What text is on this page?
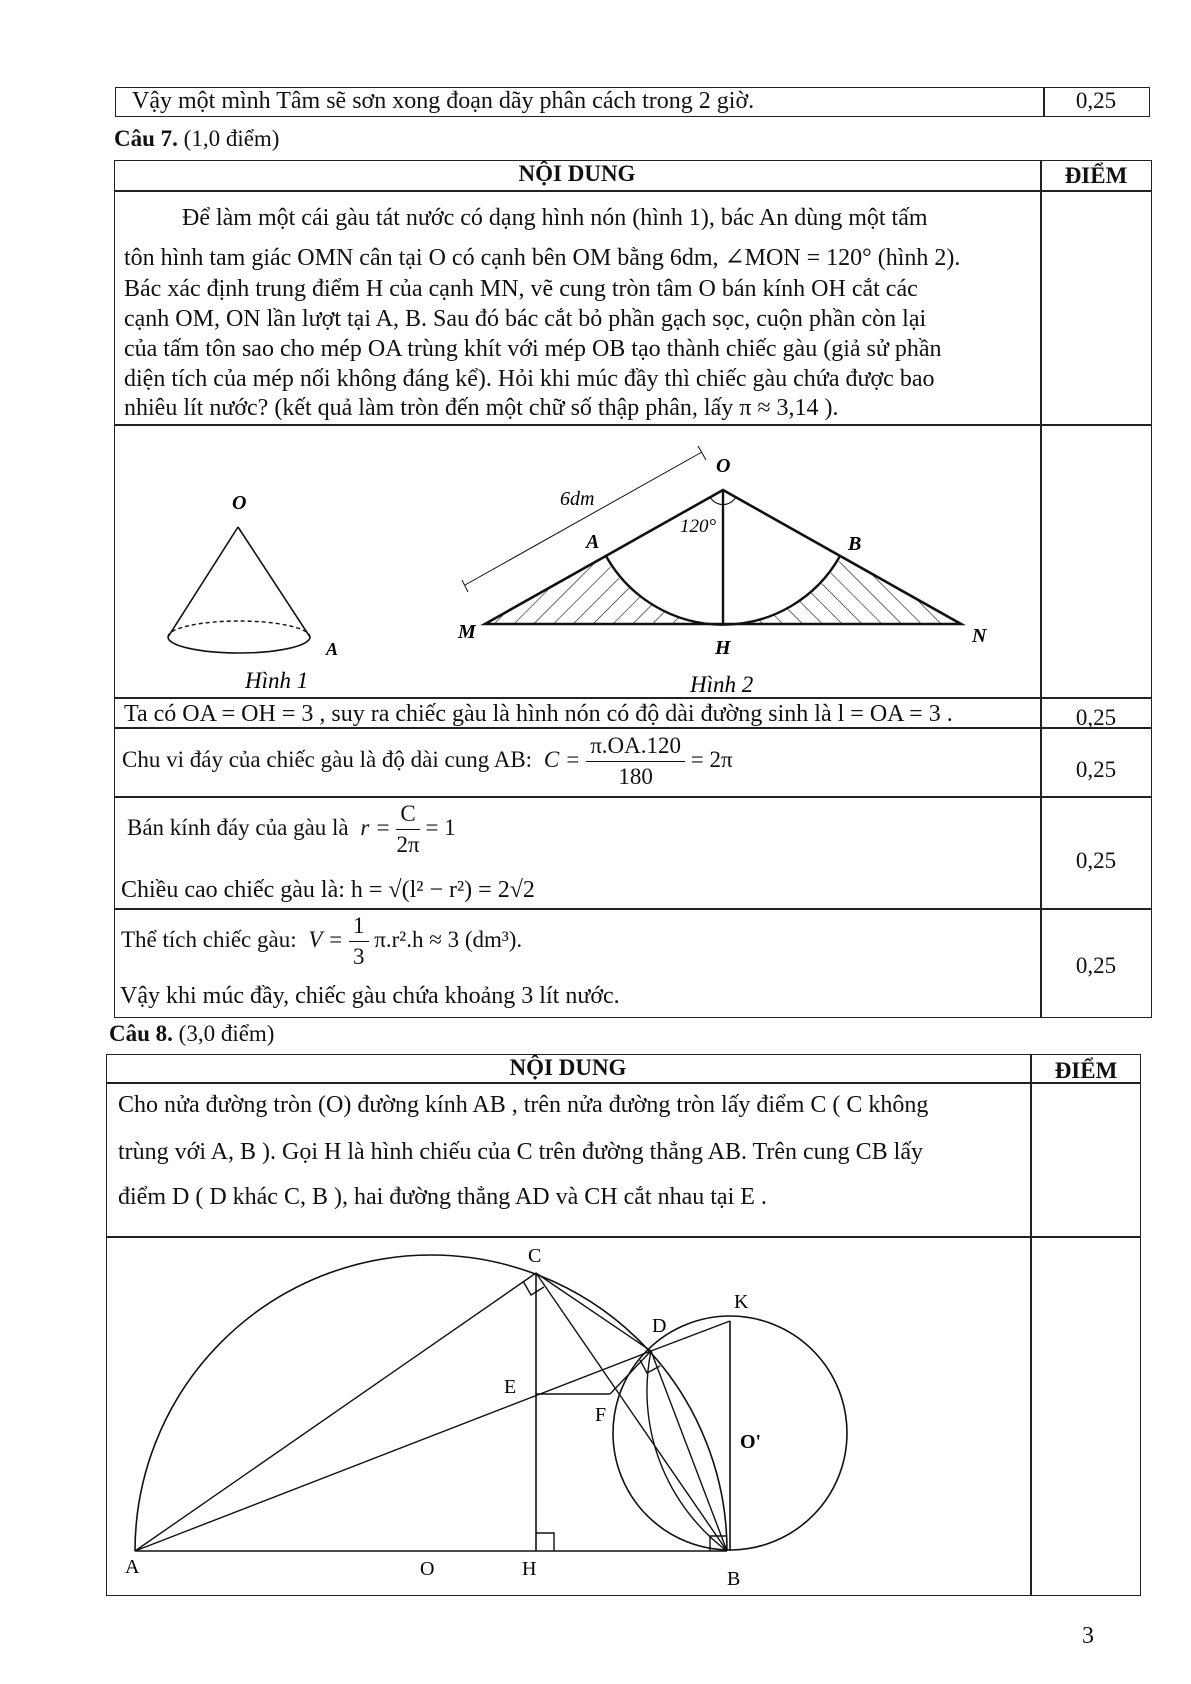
Vậy một mình Tâm sẽ sơn xong đoạn dãy phân cách trong 2 giờ.	0,25
Câu 7. (1,0 điểm)
NỘI DUNG	ĐIỂM
Để làm một cái gàu tát nước có dạng hình nón (hình 1), bác An dùng một tấm
tôn hình tam giác OMN cân tại O có cạnh bên OM bằng 6dm, ∠MON = 120° (hình 2).
Bác xác định trung điểm H của cạnh MN, vẽ cung tròn tâm O bán kính OH cắt các
cạnh OM, ON lần lượt tại A, B. Sau đó bác cắt bỏ phần gạch sọc, cuộn phần còn lại
của tấm tôn sao cho mép OA trùng khít với mép OB tạo thành chiếc gàu (giả sử phần
diện tích của mép nối không đáng kể). Hỏi khi múc đầy thì chiếc gàu chứa được bao
nhiêu lít nước? (kết quả làm tròn đến một chữ số thập phân, lấy π ≈ 3,14 ).
O
A
Hình 1
6dm
O
120°
A	B
M	N
H
Hình 2
Ta có OA = OH = 3 , suy ra chiếc gàu là hình nón có độ dài đường sinh là l = OA = 3 .	0,25
Chu vi đáy của chiếc gàu là độ dài cung AB: $C = \frac{\pi.OA.120}{180} = 2\pi$	0,25
Bán kính đáy của gàu là $r = \frac{C}{2\pi} = 1$
Chiều cao chiếc gàu là: h = √(l² − r²) = 2√2
0,25
Thể tích chiếc gàu: $V = \frac{1}{3} \pi.r^2.h \approx 3$ (dm³).
Vậy khi múc đầy, chiếc gàu chứa khoảng 3 lít nước.
0,25
Câu 8. (3,0 điểm)
NỘI DUNG	ĐIỂM
Cho nửa đường tròn (O) đường kính AB , trên nửa đường tròn lấy điểm C ( C không
trùng với A, B ). Gọi H là hình chiếu của C trên đường thẳng AB. Trên cung CB lấy
điểm D ( D khác C, B ), hai đường thẳng AD và CH cắt nhau tại E .
C
D
K
E
F
O'
A	O	H	B
3
